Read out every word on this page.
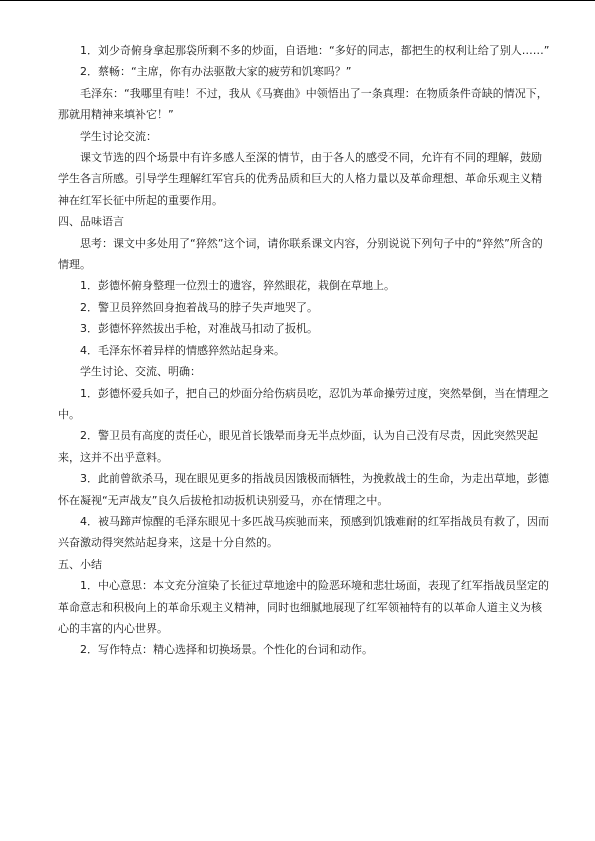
1．刘少奇俯身拿起那袋所剩不多的炒面，自语地：“多好的同志，都把生的权利让给了别人……”

2．蔡畅：“主席，你有办法驱散大家的疲劳和饥寒吗？”

毛泽东：“我哪里有哇！不过，我从《马赛曲》中领悟出了一条真理：在物质条件奇缺的情况下，那就用精神来填补它！”

学生讨论交流：

课文节选的四个场景中有许多感人至深的情节，由于各人的感受不同，允许有不同的理解，鼓励学生各言所感。引导学生理解红军官兵的优秀品质和巨大的人格力量以及革命理想、革命乐观主义精神在红军长征中所起的重要作用。

四、品味语言

思考：课文中多处用了“猝然”这个词，请你联系课文内容，分别说说下列句子中的“猝然”所含的情理。

1．彭德怀俯身整理一位烈士的遗容，猝然眼花，栽倒在草地上。

2．警卫员猝然回身抱着战马的脖子失声地哭了。

3．彭德怀猝然拔出手枪，对准战马扣动了扳机。

4．毛泽东怀着异样的情感猝然站起身来。

学生讨论、交流、明确：

1．彭德怀爱兵如子，把自己的炒面分给伤病员吃，忍饥为革命操劳过度，突然晕倒，当在情理之中。

2．警卫员有高度的责任心，眼见首长饿晕而身无半点炒面，认为自己没有尽责，因此突然哭起来，这并不出乎意料。

3．此前曾欲杀马，现在眼见更多的指战员因饿极而牺牲，为挽救战士的生命，为走出草地，彭德怀在凝视“无声战友”良久后拔枪扣动扳机诀别爱马，亦在情理之中。

4．被马蹄声惊醒的毛泽东眼见十多匹战马疾驰而来，预感到饥饿难耐的红军指战员有救了，因而兴奋激动得突然站起身来，这是十分自然的。

五、小结

1．中心意思：本文充分渲染了长征过草地途中的险恶环境和悲壮场面，表现了红军指战员坚定的革命意志和积极向上的革命乐观主义精神，同时也细腻地展现了红军领袖特有的以革命人道主义为核心的丰富的内心世界。

2．写作特点：精心选择和切换场景。个性化的台词和动作。
